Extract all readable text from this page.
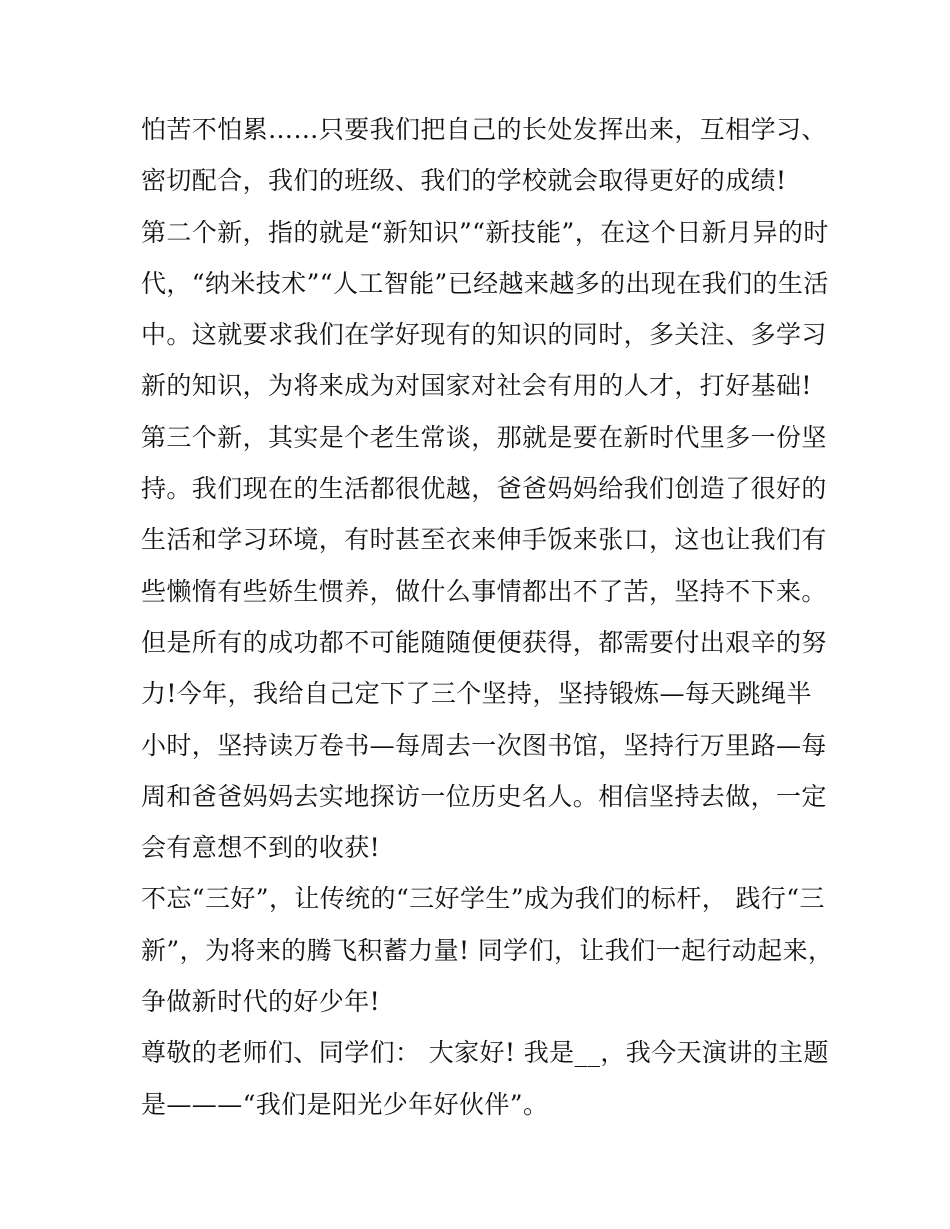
怕苦不怕累……只要我们把自己的长处发挥出来，互相学习、
密切配合，我们的班级、我们的学校就会取得更好的成绩!
第二个新，指的就是“新知识”“新技能”，在这个日新月异的时
代，“纳米技术”“人工智能”已经越来越多的出现在我们的生活
中。这就要求我们在学好现有的知识的同时，多关注、多学习
新的知识，为将来成为对国家对社会有用的人才，打好基础!
第三个新，其实是个老生常谈，那就是要在新时代里多一份坚
持。我们现在的生活都很优越，爸爸妈妈给我们创造了很好的
生活和学习环境，有时甚至衣来伸手饭来张口，这也让我们有
些懒惰有些娇生惯养，做什么事情都出不了苦，坚持不下来。
但是所有的成功都不可能随随便便获得，都需要付出艰辛的努
力!今年，我给自己定下了三个坚持，坚持锻炼—每天跳绳半
小时，坚持读万卷书—每周去一次图书馆，坚持行万里路—每
周和爸爸妈妈去实地探访一位历史名人。相信坚持去做，一定
会有意想不到的收获!
不忘“三好”，让传统的“三好学生”成为我们的标杆， 践行“三
新”，为将来的腾飞积蓄力量! 同学们，让我们一起行动起来，
争做新时代的好少年!
尊敬的老师们、同学们： 大家好! 我是__，我今天演讲的主题
是———“我们是阳光少年好伙伴”。
